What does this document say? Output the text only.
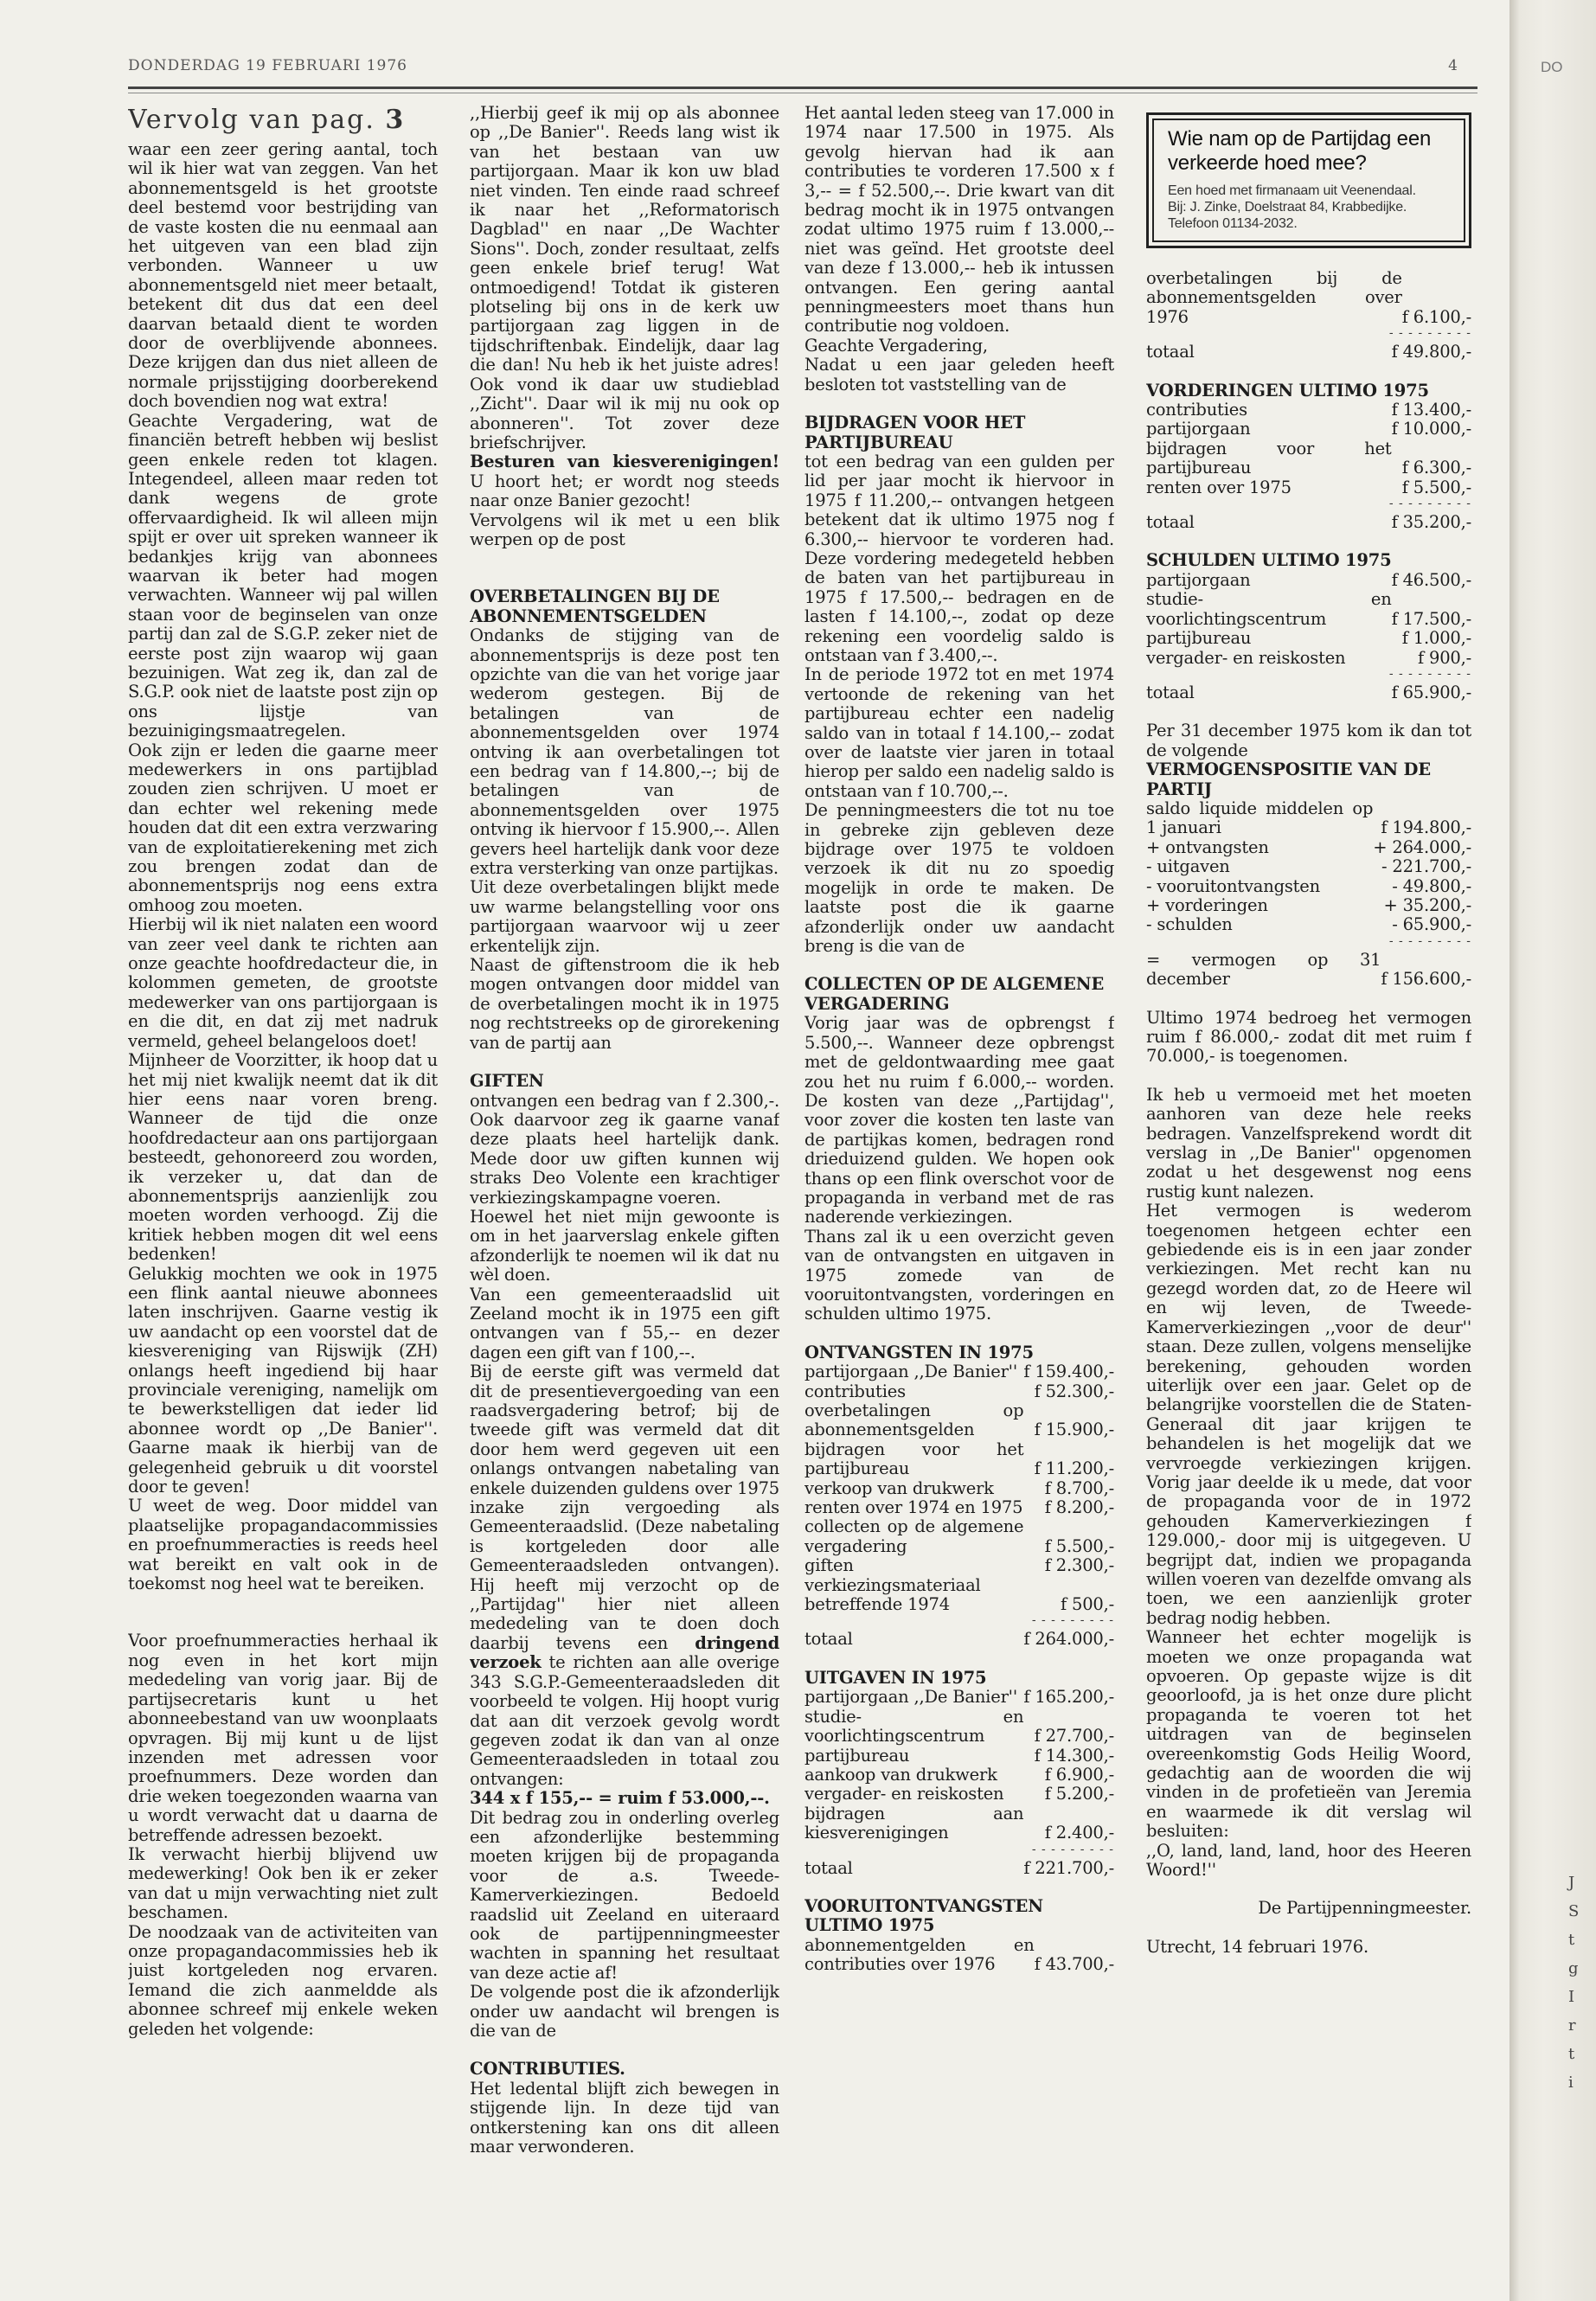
DO
J
S
t
g
I
r
t
i
DONDERDAG 19 FEBRUARI 1976	4
Vervolg van pag. 3

waar een zeer gering aantal, toch wil ik hier wat van zeggen. Van het abonnementsgeld is het grootste deel bestemd voor bestrijding van de vaste kosten die nu eenmaal aan het uitgeven van een blad zijn verbonden. Wanneer u uw abonnementsgeld niet meer betaalt, betekent dit dus dat een deel daarvan betaald dient te worden door de overblijvende abonnees. Deze krijgen dan dus niet alleen de normale prijsstijging doorberekend doch bovendien nog wat extra!

Geachte Vergadering, wat de financiën betreft hebben wij beslist geen enkele reden tot klagen. Integendeel, alleen maar reden tot dank wegens de grote offervaardigheid. Ik wil alleen mijn spijt er over uit spreken wanneer ik bedankjes krijg van abonnees waarvan ik beter had mogen verwachten. Wanneer wij pal willen staan voor de beginselen van onze partij dan zal de S.G.P. zeker niet de eerste post zijn waarop wij gaan bezuinigen. Wat zeg ik, dan zal de S.G.P. ook niet de laatste post zijn op ons lijstje van bezuinigingsmaatregelen.

Ook zijn er leden die gaarne meer medewerkers in ons partijblad zouden zien schrijven. U moet er dan echter wel rekening mede houden dat dit een extra verzwaring van de exploitatierekening met zich zou brengen zodat dan de abonnementsprijs nog eens extra omhoog zou moeten.

Hierbij wil ik niet nalaten een woord van zeer veel dank te richten aan onze geachte hoofdredacteur die, in kolommen gemeten, de grootste medewerker van ons partijorgaan is en die dit, en dat zij met nadruk vermeld, geheel belangeloos doet!

Mijnheer de Voorzitter, ik hoop dat u het mij niet kwalijk neemt dat ik dit hier eens naar voren breng. Wanneer de tijd die onze hoofdredacteur aan ons partijorgaan besteedt, gehonoreerd zou worden, ik verzeker u, dat dan de abonnementsprijs aanzienlijk zou moeten worden verhoogd. Zij die kritiek hebben mogen dit wel eens bedenken!

Gelukkig mochten we ook in 1975 een flink aantal nieuwe abonnees laten inschrijven. Gaarne vestig ik uw aandacht op een voorstel dat de kiesvereniging van Rijswijk (ZH) onlangs heeft ingediend bij haar provinciale vereniging, namelijk om te bewerkstelligen dat ieder lid abonnee wordt op ,,De Banier''. Gaarne maak ik hierbij van de gelegenheid gebruik u dit voorstel door te geven!

U weet de weg. Door middel van plaatselijke propagandacommissies en proefnummeracties is reeds heel wat bereikt en valt ook in de toekomst nog heel wat te bereiken.

Voor proefnummeracties herhaal ik nog even in het kort mijn mededeling van vorig jaar. Bij de partijsecretaris kunt u het abonneebestand van uw woonplaats opvragen. Bij mij kunt u de lijst inzenden met adressen voor proefnummers. Deze worden dan drie weken toegezonden waarna van u wordt verwacht dat u daarna de betreffende adressen bezoekt.

Ik verwacht hierbij blijvend uw medewerking! Ook ben ik er zeker van dat u mijn verwachting niet zult beschamen.

De noodzaak van de activiteiten van onze propagandacommissies heb ik juist kortgeleden nog ervaren. Iemand die zich aanmeldde als abonnee schreef mij enkele weken geleden het volgende:

,,Hierbij geef ik mij op als abonnee op ,,De Banier''. Reeds lang wist ik van het bestaan van uw partijorgaan. Maar ik kon uw blad niet vinden. Ten einde raad schreef ik naar het ,,Reformatorisch Dagblad'' en naar ,,De Wachter Sions''. Doch, zonder resultaat, zelfs geen enkele brief terug! Wat ontmoedigend! Totdat ik gisteren plotseling bij ons in de kerk uw partijorgaan zag liggen in de tijdschriftenbak. Eindelijk, daar lag die dan! Nu heb ik het juiste adres! Ook vond ik daar uw studieblad ,,Zicht''. Daar wil ik mij nu ook op abonneren''. Tot zover deze briefschrijver.

Besturen van kiesverenigingen! U hoort het; er wordt nog steeds naar onze Banier gezocht!

Vervolgens wil ik met u een blik werpen op de post

OVERBETALINGEN BIJ DE ABONNEMENTSGELDEN

Ondanks de stijging van de abonnementsprijs is deze post ten opzichte van die van het vorige jaar wederom gestegen. Bij de betalingen van de abonnementsgelden over 1974 ontving ik aan overbetalingen tot een bedrag van f 14.800,--; bij de betalingen van de abonnementsgelden over 1975 ontving ik hiervoor f 15.900,--. Allen gevers heel hartelijk dank voor deze extra versterking van onze partijkas.

Uit deze overbetalingen blijkt mede uw warme belangstelling voor ons partijorgaan waarvoor wij u zeer erkentelijk zijn.

Naast de giftenstroom die ik heb mogen ontvangen door middel van de overbetalingen mocht ik in 1975 nog rechtstreeks op de girorekening van de partij aan

GIFTEN

ontvangen een bedrag van f 2.300,-. Ook daarvoor zeg ik gaarne vanaf deze plaats heel hartelijk dank. Mede door uw giften kunnen wij straks Deo Volente een krachtiger verkiezingskampagne voeren.

Hoewel het niet mijn gewoonte is om in het jaarverslag enkele giften afzonderlijk te noemen wil ik dat nu wèl doen.

Van een gemeenteraadslid uit Zeeland mocht ik in 1975 een gift ontvangen van f 55,-- en dezer dagen een gift van f 100,--.

Bij de eerste gift was vermeld dat dit de presentievergoeding van een raadsvergadering betrof; bij de tweede gift was vermeld dat dit door hem werd gegeven uit een onlangs ontvangen nabetaling van enkele duizenden guldens over 1975 inzake zijn vergoeding als Gemeenteraadslid. (Deze nabetaling is kortgeleden door alle Gemeenteraadsleden ontvangen). Hij heeft mij verzocht op de ,,Partijdag'' hier niet alleen mededeling van te doen doch daarbij tevens een dringend verzoek te richten aan alle overige 343 S.G.P.-Gemeenteraadsleden dit voorbeeld te volgen. Hij hoopt vurig dat aan dit verzoek gevolg wordt gegeven zodat ik dan van al onze Gemeenteraadsleden in totaal zou ontvangen:

344 x f 155,-- = ruim f 53.000,--.

Dit bedrag zou in onderling overleg een afzonderlijke bestemming moeten krijgen bij de propaganda voor de a.s. Tweede-Kamerverkiezingen. Bedoeld raadslid uit Zeeland en uiteraard ook de partijpenningmeester wachten in spanning het resultaat van deze actie af!

De volgende post die ik afzonderlijk onder uw aandacht wil brengen is die van de

CONTRIBUTIES.

Het ledental blijft zich bewegen in stijgende lijn. In deze tijd van ontkerstening kan ons dit alleen maar verwonderen.

Het aantal leden steeg van 17.000 in 1974 naar 17.500 in 1975. Als gevolg hiervan had ik aan contributies te vorderen 17.500 x f 3,-- = f 52.500,--. Drie kwart van dit bedrag mocht ik in 1975 ontvangen zodat ultimo 1975 ruim f 13.000,-- niet was geïnd. Het grootste deel van deze f 13.000,-- heb ik intussen ontvangen. Een gering aantal penningmeesters moet thans hun contributie nog voldoen.

Geachte Vergadering,

Nadat u een jaar geleden heeft besloten tot vaststelling van de

BIJDRAGEN VOOR HET PARTIJBUREAU

tot een bedrag van een gulden per lid per jaar mocht ik hiervoor in 1975 f 11.200,-- ontvangen hetgeen betekent dat ik ultimo 1975 nog f 6.300,-- hiervoor te vorderen had. Deze vordering medegeteld hebben de baten van het partijbureau in 1975 f 17.500,-- bedragen en de lasten f 14.100,--, zodat op deze rekening een voordelig saldo is ontstaan van f 3.400,--.

In de periode 1972 tot en met 1974 vertoonde de rekening van het partijbureau echter een nadelig saldo van in totaal f 14.100,-- zodat over de laatste vier jaren in totaal hierop per saldo een nadelig saldo is ontstaan van f 10.700,--.

De penningmeesters die tot nu toe in gebreke zijn gebleven deze bijdrage over 1975 te voldoen verzoek ik dit nu zo spoedig mogelijk in orde te maken. De laatste post die ik gaarne afzonderlijk onder uw aandacht breng is die van de

COLLECTEN OP DE ALGEMENE VERGADERING

Vorig jaar was de opbrengst f 5.500,--. Wanneer deze opbrengst met de geldontwaarding mee gaat zou het nu ruim f 6.000,-- worden. De kosten van deze ,,Partijdag'', voor zover die kosten ten laste van de partijkas komen, bedragen rond drieduizend gulden. We hopen ook thans op een flink overschot voor de propaganda in verband met de ras naderende verkiezingen.

Thans zal ik u een overzicht geven van de ontvangsten en uitgaven in 1975 zomede van de vooruitontvangsten, vorderingen en schulden ultimo 1975.

ONTVANGSTEN IN 1975
partijorgaan ,,De Banier''	f 159.400,-
contributies	f 52.300,-
overbetalingen op abonnementsgelden	f 15.900,-
bijdragen voor het partijbureau	f 11.200,-
verkoop van drukwerk	f 8.700,-
renten over 1974 en 1975	f 8.200,-
collecten op de algemene vergadering	f 5.500,-
giften	f 2.300,-
verkiezingsmateriaal betreffende 1974	f 500,-
- - - - - - - - -
totaal	f 264.000,-
UITGAVEN IN 1975
partijorgaan ,,De Banier''	f 165.200,-
studie- en voorlichtingscentrum	f 27.700,-
partijbureau	f 14.300,-
aankoop van drukwerk	f 6.900,-
vergader- en reiskosten	f 5.200,-
bijdragen aan kiesverenigingen	f 2.400,-
- - - - - - - - -
totaal	f 221.700,-
VOORUITONTVANGSTEN ULTIMO 1975
abonnementgelden en contributies over 1976	f 43.700,-
Wie nam op de Partijdag een verkeerde hoed mee?
Een hoed met firmanaam uit Veenendaal.
Bij: J. Zinke, Doelstraat 84, Krabbedijke.
Telefoon 01134-2032.
overbetalingen bij de abonnementsgelden over 1976	f 6.100,-
- - - - - - - - -
totaal	f 49.800,-
VORDERINGEN ULTIMO 1975
contributies	f 13.400,-
partijorgaan	f 10.000,-
bijdragen voor het partijbureau	f 6.300,-
renten over 1975	f 5.500,-
- - - - - - - - -
totaal	f 35.200,-
SCHULDEN ULTIMO 1975
partijorgaan	f 46.500,-
studie- en voorlichtingscentrum	f 17.500,-
partijbureau	f 1.000,-
vergader- en reiskosten	f 900,-
- - - - - - - - -
totaal	f 65.900,-

Per 31 december 1975 kom ik dan tot de volgende

VERMOGENSPOSITIE VAN DE PARTIJ
saldo liquide middelen op 1 januari	f 194.800,-
+ ontvangsten	+ 264.000,-
- uitgaven	- 221.700,-
- vooruitontvangsten	- 49.800,-
+ vorderingen	+ 35.200,-
- schulden	- 65.900,-
- - - - - - - - -
= vermogen op 31 december	f 156.600,-

Ultimo 1974 bedroeg het vermogen ruim f 86.000,- zodat dit met ruim f 70.000,- is toegenomen.

Ik heb u vermoeid met het moeten aanhoren van deze hele reeks bedragen. Vanzelfsprekend wordt dit verslag in ,,De Banier'' opgenomen zodat u het desgewenst nog eens rustig kunt nalezen.

Het vermogen is wederom toegenomen hetgeen echter een gebiedende eis is in een jaar zonder verkiezingen. Met recht kan nu gezegd worden dat, zo de Heere wil en wij leven, de Tweede-Kamerverkiezingen ,,voor de deur'' staan. Deze zullen, volgens menselijke berekening, gehouden worden uiterlijk over een jaar. Gelet op de belangrijke voorstellen die de Staten-Generaal dit jaar krijgen te behandelen is het mogelijk dat we vervroegde verkiezingen krijgen. Vorig jaar deelde ik u mede, dat voor de propaganda voor de in 1972 gehouden Kamerverkiezingen f 129.000,- door mij is uitgegeven. U begrijpt dat, indien we propaganda willen voeren van dezelfde omvang als toen, we een aanzienlijk groter bedrag nodig hebben.

Wanneer het echter mogelijk is moeten we onze propaganda wat opvoeren. Op gepaste wijze is dit geoorloofd, ja is het onze dure plicht propaganda te voeren tot het uitdragen van de beginselen overeenkomstig Gods Heilig Woord, gedachtig aan de woorden die wij vinden in de profetieën van Jeremia en waarmede ik dit verslag wil besluiten:

,,O, land, land, land, hoor des Heeren Woord!''

De Partijpenningmeester.

Utrecht, 14 februari 1976.
